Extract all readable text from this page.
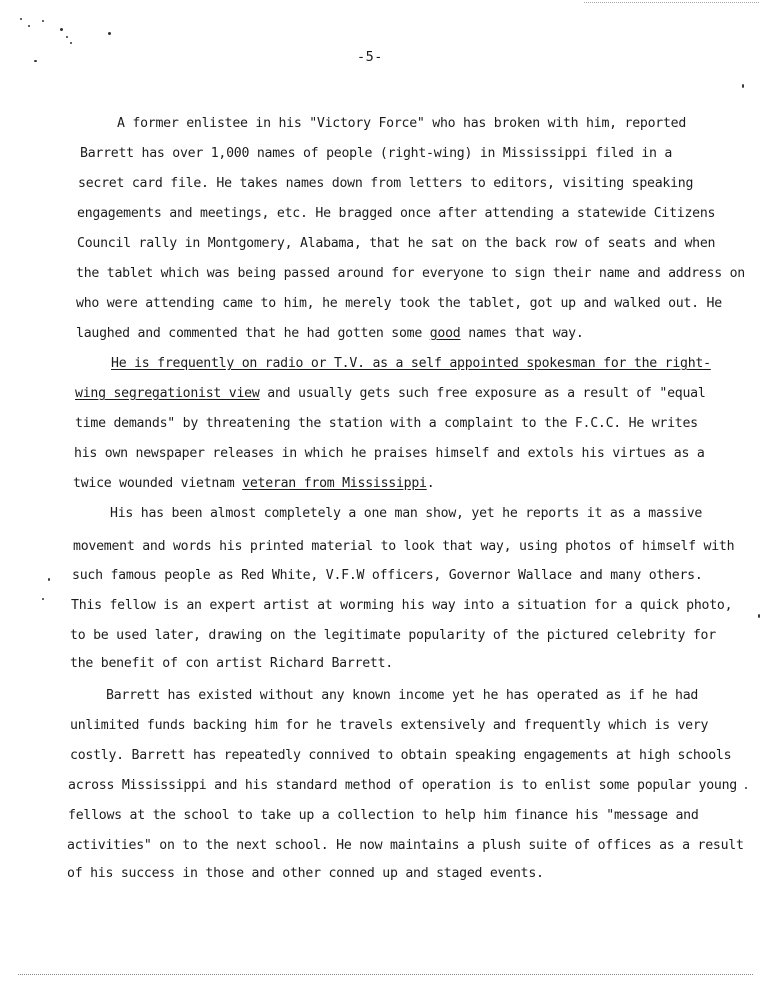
-5-
A former enlistee in his "Victory Force" who has broken with him, reported
Barrett has over 1,000 names of people (right-wing) in Mississippi filed in a
secret card file. He takes names down from letters to editors, visiting speaking
engagements and meetings, etc. He bragged once after attending a statewide Citizens
Council rally in Montgomery, Alabama, that he sat on the back row of seats and when
the tablet which was being passed around for everyone to sign their name and address on
who were attending came to him, he merely took the tablet, got up and walked out. He
laughed and commented that he had gotten some good names that way.
He is frequently on radio or T.V. as a self appointed spokesman for the right-
wing segregationist view and usually gets such free exposure as a result of "equal
time demands" by threatening the station with a complaint to the F.C.C. He writes
his own newspaper releases in which he praises himself and extols his virtues as a
twice wounded vietnam veteran from Mississippi.
His has been almost completely a one man show, yet he reports it as a massive
movement and words his printed material to look that way, using photos of himself with
such famous people as Red White, V.F.W officers, Governor Wallace and many others.
This fellow is an expert artist at worming his way into a situation for a quick photo,
to be used later, drawing on the legitimate popularity of the pictured celebrity for
the benefit of con artist Richard Barrett.
Barrett has existed without any known income yet he has operated as if he had
unlimited funds backing him for he travels extensively and frequently which is very
costly. Barrett has repeatedly connived to obtain speaking engagements at high schools
across Mississippi and his standard method of operation is to enlist some popular young
fellows at the school to take up a collection to help him finance his "message and
activities" on to the next school. He now maintains a plush suite of offices as a result
of his success in those and other conned up and staged events.
